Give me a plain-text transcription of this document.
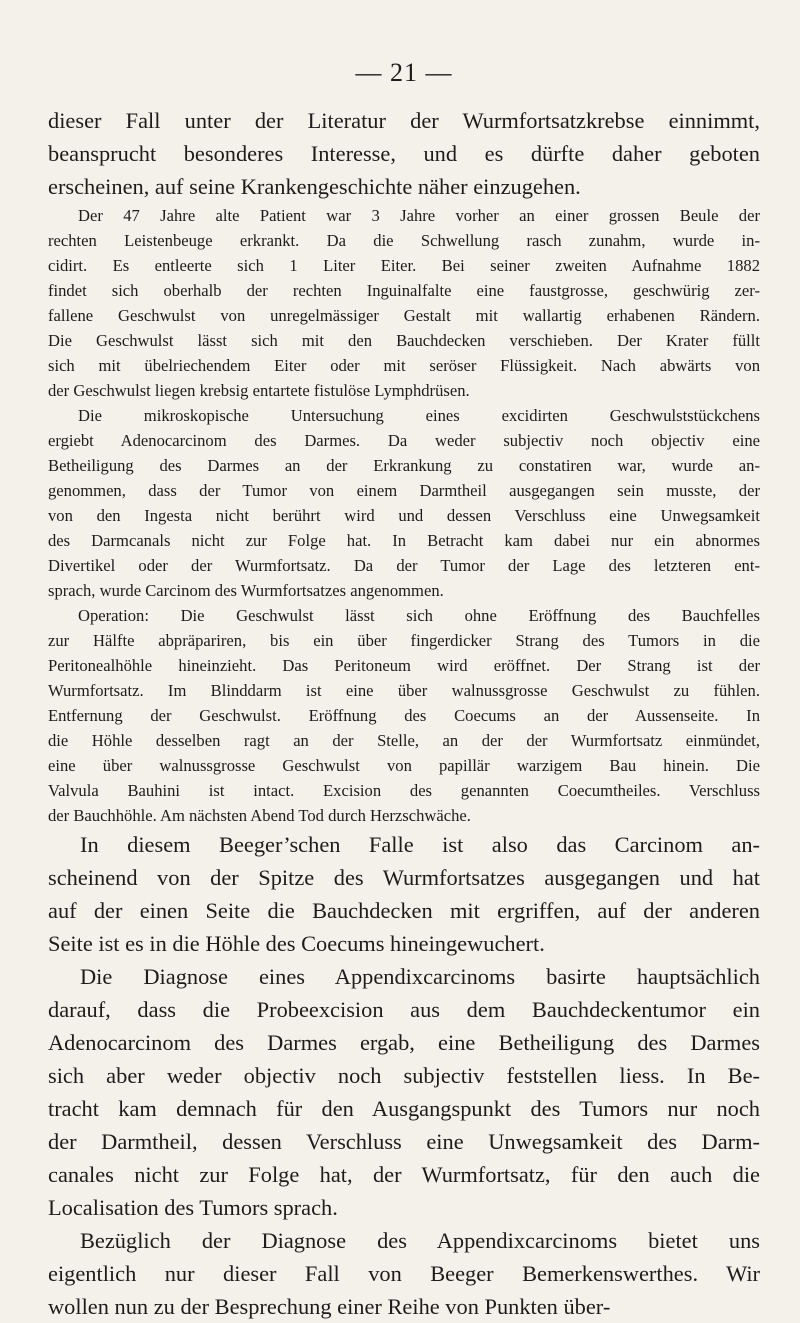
— 21 —
dieser Fall unter der Literatur der Wurmfortsatzkrebse einnimmt,
beansprucht besonderes Interesse, und es dürfte daher geboten
erscheinen, auf seine Krankengeschichte näher einzugehen.
Der 47 Jahre alte Patient war 3 Jahre vorher an einer grossen Beule der
rechten Leistenbeuge erkrankt. Da die Schwellung rasch zunahm, wurde in-
cidirt. Es entleerte sich 1 Liter Eiter. Bei seiner zweiten Aufnahme 1882
findet sich oberhalb der rechten Inguinalfalte eine faustgrosse, geschwürig zer-
fallene Geschwulst von unregelmässiger Gestalt mit wallartig erhabenen Rändern.
Die Geschwulst lässt sich mit den Bauchdecken verschieben. Der Krater füllt
sich mit übelriechendem Eiter oder mit seröser Flüssigkeit. Nach abwärts von
der Geschwulst liegen krebsig entartete fistulöse Lymphdrüsen.
Die mikroskopische Untersuchung eines excidirten Geschwulststückchens
ergiebt Adenocarcinom des Darmes. Da weder subjectiv noch objectiv eine
Betheiligung des Darmes an der Erkrankung zu constatiren war, wurde an-
genommen, dass der Tumor von einem Darmtheil ausgegangen sein musste, der
von den Ingesta nicht berührt wird und dessen Verschluss eine Unwegsamkeit
des Darmcanals nicht zur Folge hat. In Betracht kam dabei nur ein abnormes
Divertikel oder der Wurmfortsatz. Da der Tumor der Lage des letzteren ent-
sprach, wurde Carcinom des Wurmfortsatzes angenommen.
Operation: Die Geschwulst lässt sich ohne Eröffnung des Bauchfelles
zur Hälfte abpräpariren, bis ein über fingerdicker Strang des Tumors in die
Peritonealhöhle hineinzieht. Das Peritoneum wird eröffnet. Der Strang ist der
Wurmfortsatz. Im Blinddarm ist eine über walnussgrosse Geschwulst zu fühlen.
Entfernung der Geschwulst. Eröffnung des Coecums an der Aussenseite. In
die Höhle desselben ragt an der Stelle, an der der Wurmfortsatz einmündet,
eine über walnussgrosse Geschwulst von papillär warzigem Bau hinein. Die
Valvula Bauhini ist intact. Excision des genannten Coecumtheiles. Verschluss
der Bauchhöhle. Am nächsten Abend Tod durch Herzschwäche.
In diesem Beeger’schen Falle ist also das Carcinom an-
scheinend von der Spitze des Wurmfortsatzes ausgegangen und hat
auf der einen Seite die Bauchdecken mit ergriffen, auf der anderen
Seite ist es in die Höhle des Coecums hineingewuchert.
Die Diagnose eines Appendixcarcinoms basirte hauptsächlich
darauf, dass die Probeexcision aus dem Bauchdeckentumor ein
Adenocarcinom des Darmes ergab, eine Betheiligung des Darmes
sich aber weder objectiv noch subjectiv feststellen liess. In Be-
tracht kam demnach für den Ausgangspunkt des Tumors nur noch
der Darmtheil, dessen Verschluss eine Unwegsamkeit des Darm-
canales nicht zur Folge hat, der Wurmfortsatz, für den auch die
Localisation des Tumors sprach.
Bezüglich der Diagnose des Appendixcarcinoms bietet uns
eigentlich nur dieser Fall von Beeger Bemerkenswerthes. Wir
wollen nun zu der Besprechung einer Reihe von Punkten über-
